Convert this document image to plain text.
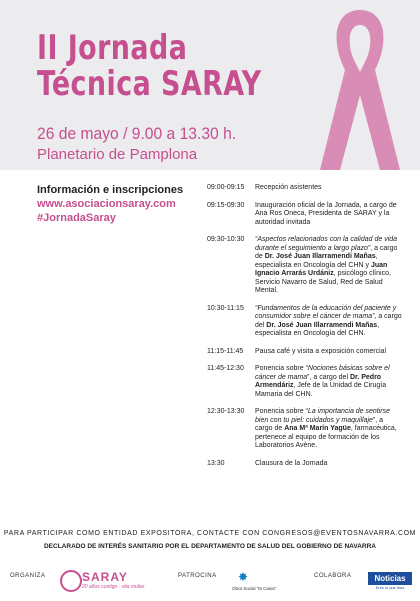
II Jornada
Técnica SARAY
26 de mayo / 9.00 a 13.30 h.
Planetario de Pamplona
Información e inscripciones
www.asociacionsaray.com
#JornadaSaray
09:00-09:15	Recepción asistentes
09:15-09:30	Inauguración oficial de la Jornada, a cargo de Ana Ros Oneca, Presidenta de SARAY y la autoridad invitada
09:30-10:30	“Aspectos relacionados con la calidad de vida durante el seguimiento a largo plazo”, a cargo de Dr. José Juan Illarramendi Mañas, especialista en Oncología del CHN y Juan Ignacio Arrarás Urdániz, psicólogo clínico, Servicio Navarro de Salud, Red de Salud Mental.
10:30-11:15	“Fundamentos de la educación del paciente y consumidor sobre el cáncer de mama”, a cargo del Dr. José Juan Illarramendi Mañas, especialista en Oncología del CHN.
11:15-11:45	Pausa café y visita a exposición comercial
11:45-12:30	Ponencia sobre “Nociones básicas sobre el cáncer de mama”, a cargo del Dr. Pedro Armendáriz, Jefe de la Unidad de Cirugía Mamaria del CHN.
12:30-13:30	Ponencia sobre “La importancia de sentirse bien con tu piel: cuidados y maquillaje”, a cargo de Ana Mª Marín Yagüe, farmacéutica, pertenece al equipo de formación de los Laboratorios Avène.
13:30	Clausura de la Jornada
PARA PARTICIPAR COMO ENTIDAD EXPOSITORA, CONTACTE CON CONGRESOS@EVENTOSNAVARRA.COM
DECLARADO DE INTERÉS SANITARIO POR EL DEPARTAMENTO DE SALUD DEL GOBIERNO DE NAVARRA
ORGANIZA	SARAY
20 años contigo · vita mulier
PATROCINA ✸
Obra Social "la Caixa"
COLABORA	Noticias
Eres lo que lees
